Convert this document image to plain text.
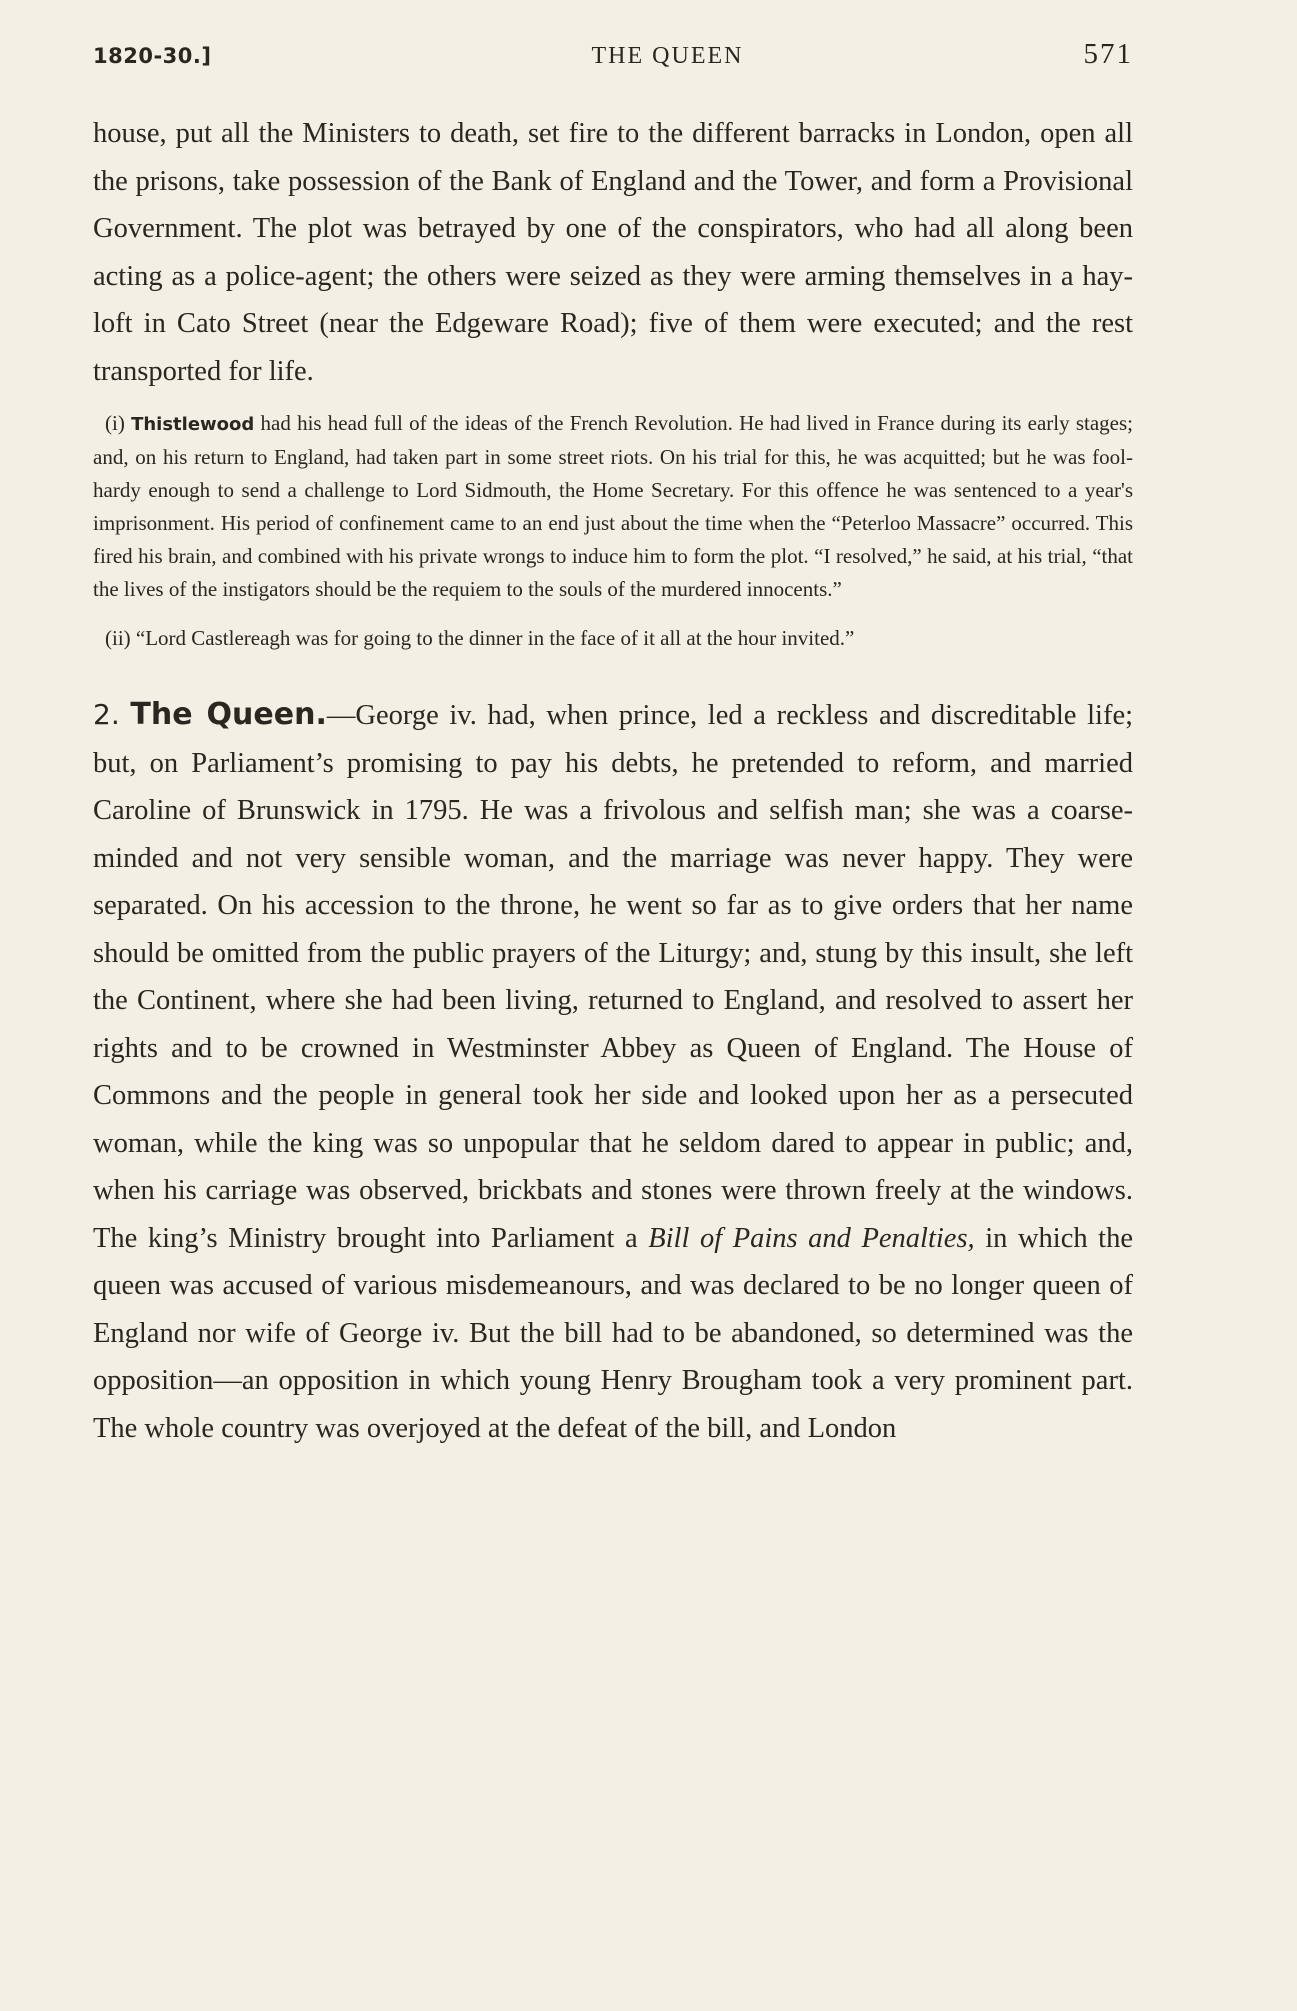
1820-30.]	THE QUEEN	571

house, put all the Ministers to death, set fire to the different barracks in London, open all the prisons, take possession of the Bank of England and the Tower, and form a Provisional Government. The plot was betrayed by one of the conspirators, who had all along been acting as a police-agent; the others were seized as they were arming themselves in a hay-loft in Cato Street (near the Edgeware Road); five of them were executed; and the rest transported for life.

(i) Thistlewood had his head full of the ideas of the French Revolution. He had lived in France during its early stages; and, on his return to England, had taken part in some street riots. On his trial for this, he was acquitted; but he was fool-hardy enough to send a challenge to Lord Sidmouth, the Home Secretary. For this offence he was sentenced to a year's imprisonment. His period of confinement came to an end just about the time when the “Peterloo Massacre” occurred. This fired his brain, and combined with his private wrongs to induce him to form the plot. “I resolved,” he said, at his trial, “that the lives of the instigators should be the requiem to the souls of the murdered innocents.”

(ii) “Lord Castlereagh was for going to the dinner in the face of it all at the hour invited.”

2. The Queen.—George iv. had, when prince, led a reckless and discreditable life; but, on Parliament’s promising to pay his debts, he pretended to reform, and married Caroline of Brunswick in 1795. He was a frivolous and selfish man; she was a coarse-minded and not very sensible woman, and the marriage was never happy. They were separated. On his accession to the throne, he went so far as to give orders that her name should be omitted from the public prayers of the Liturgy; and, stung by this insult, she left the Continent, where she had been living, returned to England, and resolved to assert her rights and to be crowned in Westminster Abbey as Queen of England. The House of Commons and the people in general took her side and looked upon her as a persecuted woman, while the king was so unpopular that he seldom dared to appear in public; and, when his carriage was observed, brickbats and stones were thrown freely at the windows. The king’s Ministry brought into Parliament a Bill of Pains and Penalties, in which the queen was accused of various misdemeanours, and was declared to be no longer queen of England nor wife of George iv. But the bill had to be abandoned, so determined was the opposition—an opposition in which young Henry Brougham took a very prominent part. The whole country was overjoyed at the defeat of the bill, and London
